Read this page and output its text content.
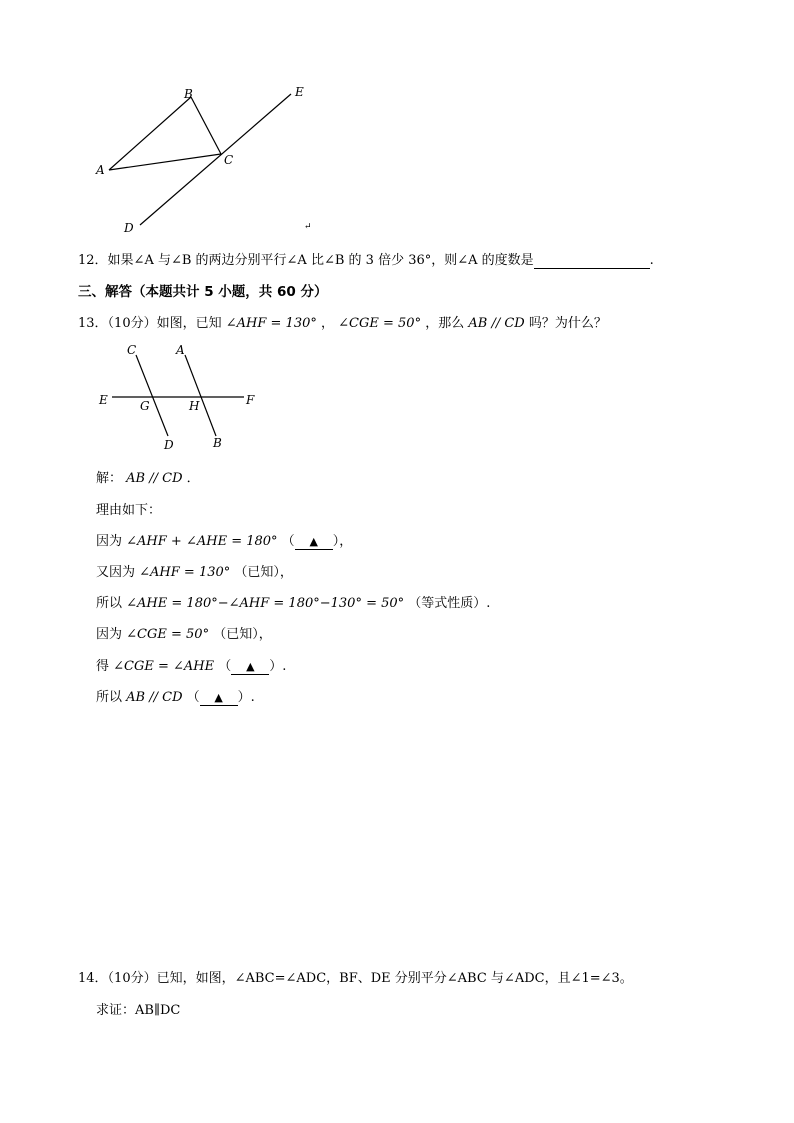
A
B
C
D
E
↵
12．如果∠A 与∠B 的两边分别平行∠A 比∠B 的 3 倍少 36°，则∠A 的度数是	.
三、解答（本题共计 5 小题，共 60 分）
13．（10分）如图，已知 ∠AHF = 130° ， ∠CGE = 50° ，那么 AB // CD 吗？为什么？
C	A
E	G	H	F
D	B
解： AB // CD ．
理由如下：
因为 ∠AHF + ∠AHE = 180° （ ▲ ），
又因为 ∠AHF = 130° （已知），
所以 ∠AHE = 180°−∠AHF = 180°−130° = 50° （等式性质）.
因为 ∠CGE = 50° （已知），
得 ∠CGE = ∠AHE （ ▲ ）.
所以 AB // CD （ ▲ ）.
14．（10分）已知，如图，∠ABC=∠ADC，BF、DE 分别平分∠ABC 与∠ADC，且∠1=∠3。
求证：AB∥DC
